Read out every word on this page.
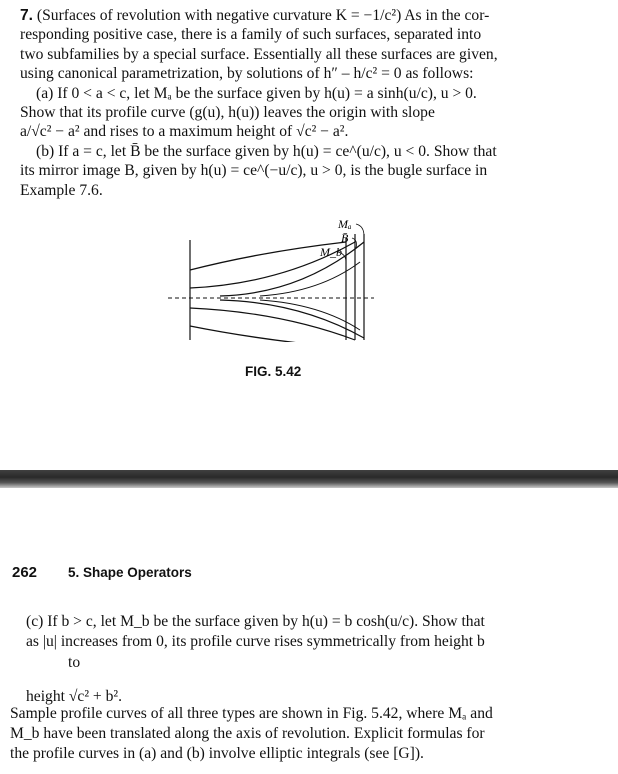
7. (Surfaces of revolution with negative curvature K = −1/c²) As in the cor-

responding positive case, there is a family of such surfaces, separated into

two subfamilies by a special surface. Essentially all these surfaces are given,

using canonical parametrization, by solutions of h″ – h/c² = 0 as follows:

(a) If 0 < a < c, let Mₐ be the surface given by h(u) = a sinh(u/c), u > 0.

Show that its profile curve (g(u), h(u)) leaves the origin with slope

a/√c² − a² and rises to a maximum height of √c² − a².

(b) If a = c, let B̄ be the surface given by h(u) = ce^(u/c), u < 0. Show that

its mirror image B, given by h(u) = ce^(−u/c), u > 0, is the bugle surface in

Example 7.6.

Mₐ
B̄
M_b
FIG. 5.42
262 5. Shape Operators

(c) If b > c, let M_b be the surface given by h(u) = b cosh(u/c). Show that

as |u| increases from 0, its profile curve rises symmetrically from height b

to

height √c² + b².

Sample profile curves of all three types are shown in Fig. 5.42, where Mₐ and

M_b have been translated along the axis of revolution. Explicit formulas for

the profile curves in (a) and (b) involve elliptic integrals (see [G]).
